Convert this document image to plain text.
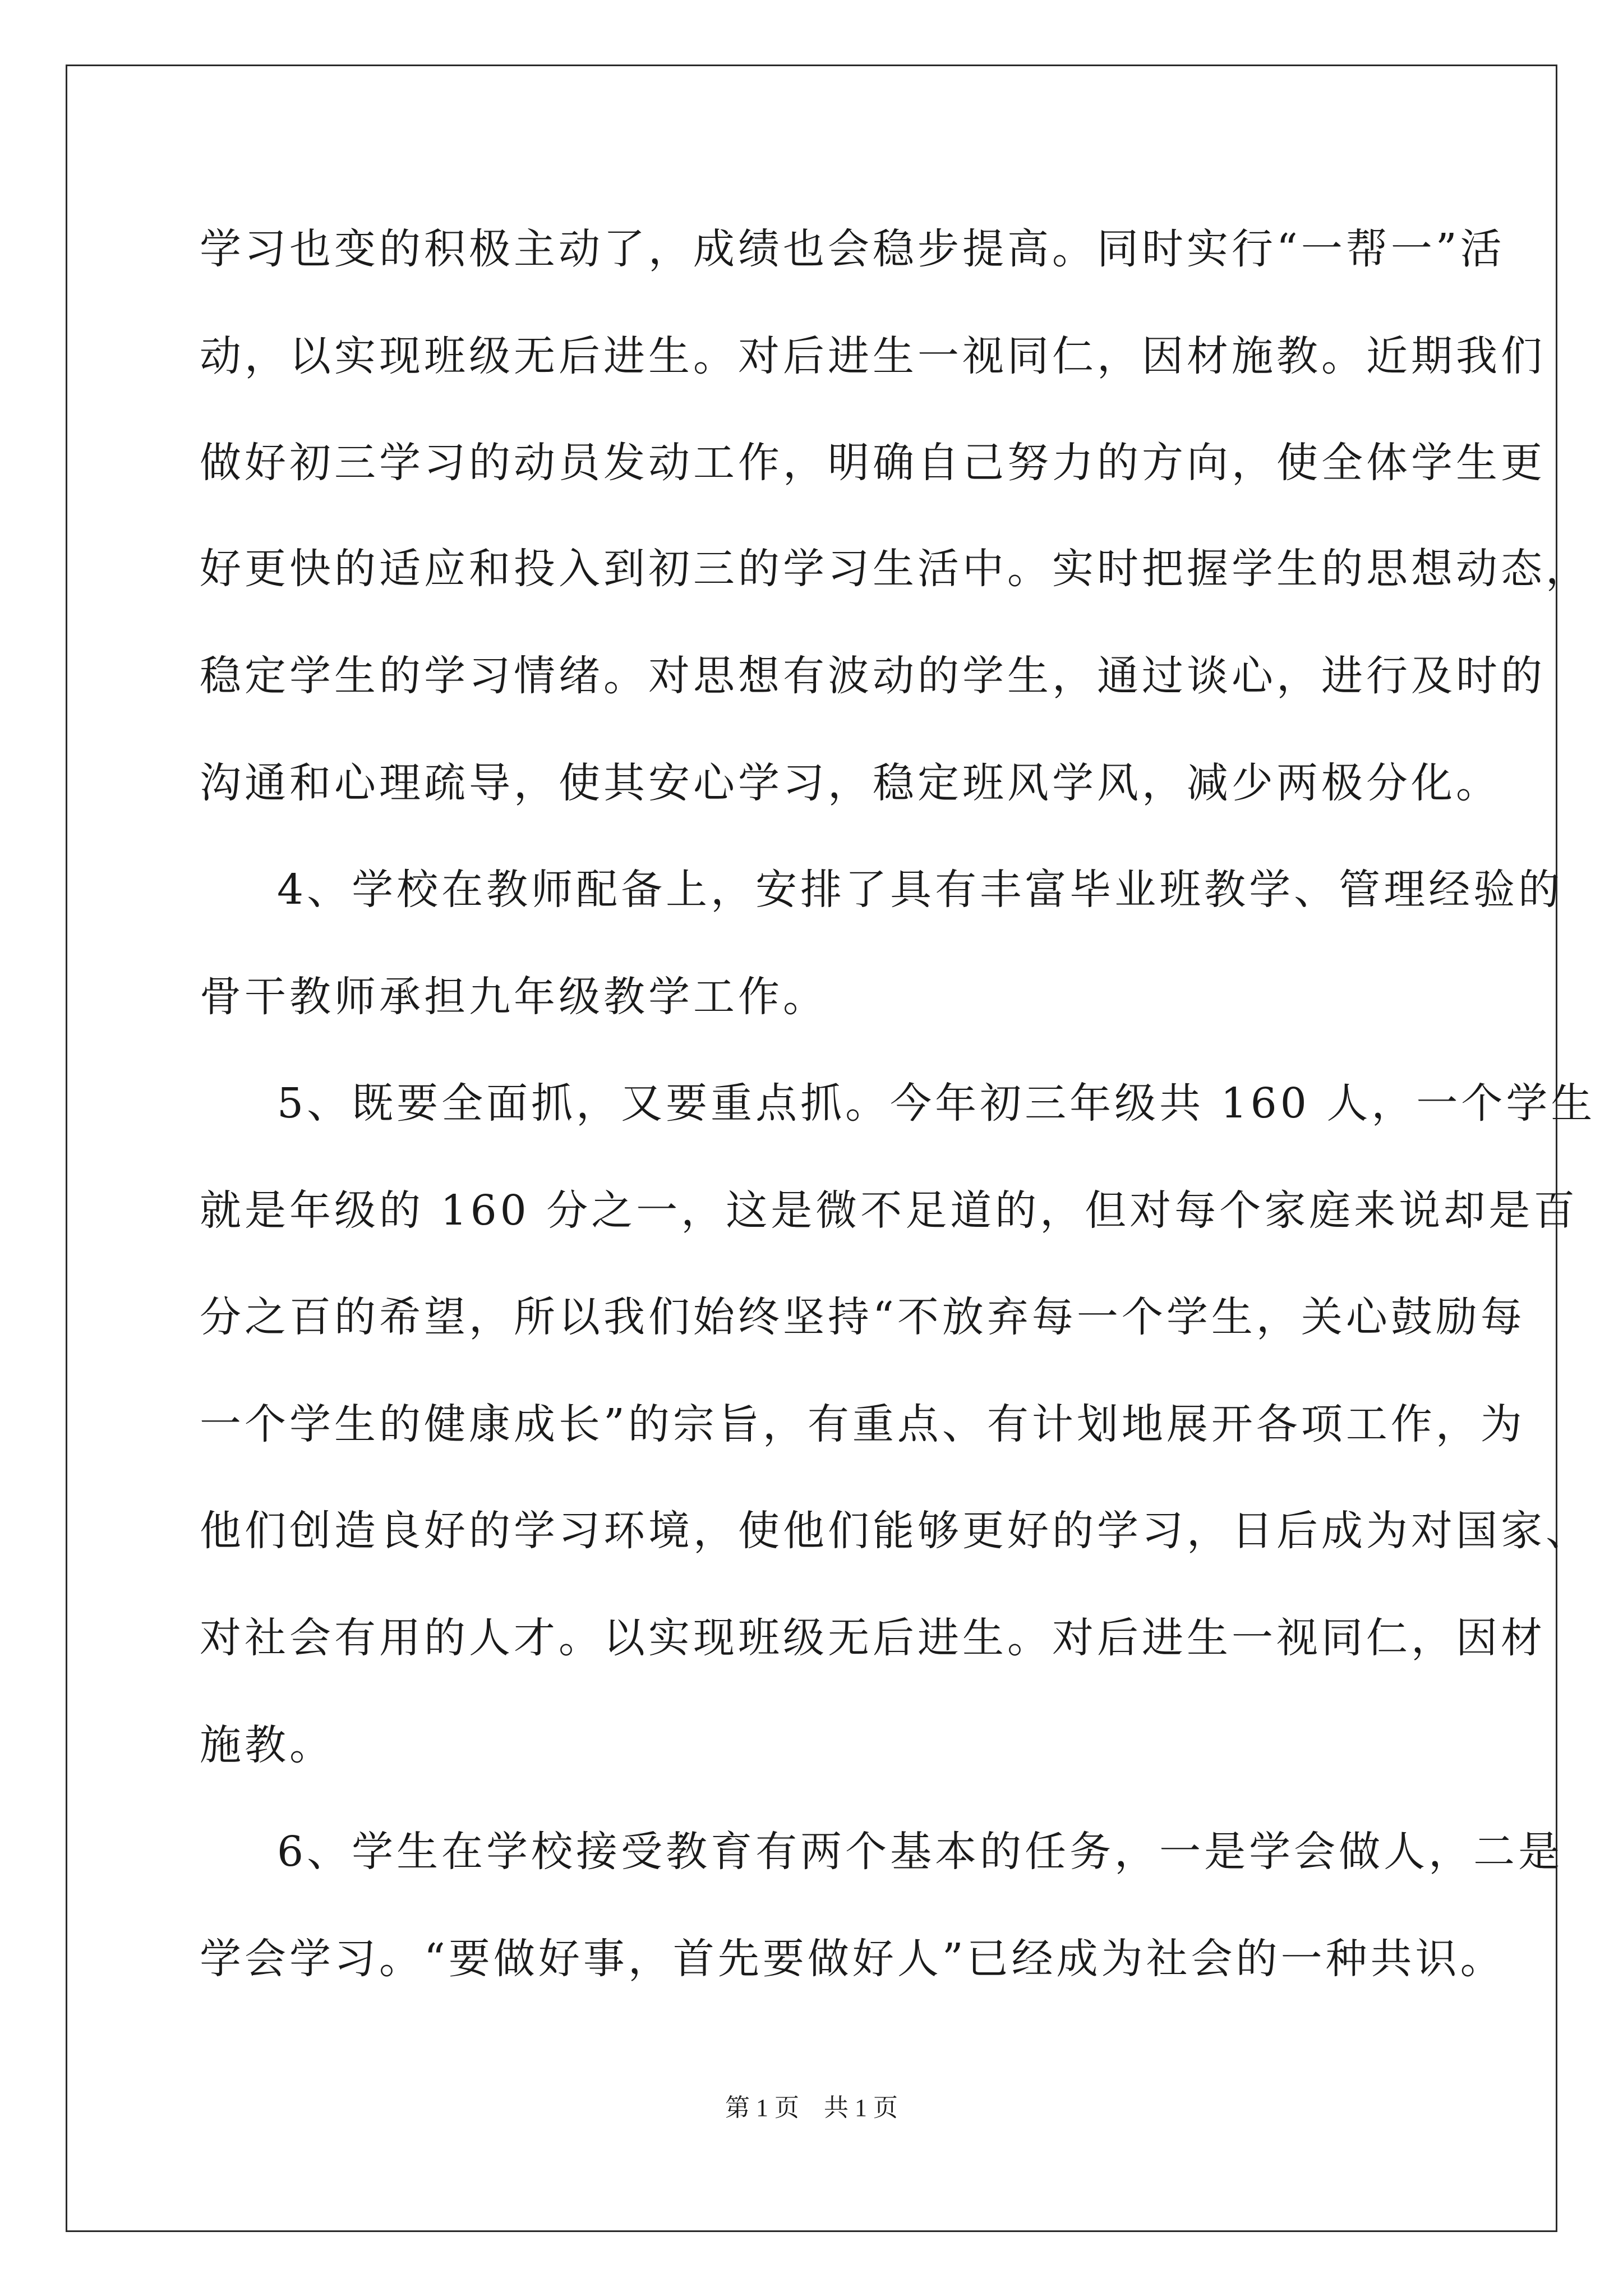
学习也变的积极主动了，成绩也会稳步提高。同时实行“一帮一”活
动，以实现班级无后进生。对后进生一视同仁，因材施教。近期我们
做好初三学习的动员发动工作，明确自己努力的方向，使全体学生更
好更快的适应和投入到初三的学习生活中。实时把握学生的思想动态，
稳定学生的学习情绪。对思想有波动的学生，通过谈心，进行及时的
沟通和心理疏导，使其安心学习，稳定班风学风，减少两极分化。
4、学校在教师配备上，安排了具有丰富毕业班教学、管理经验的
骨干教师承担九年级教学工作。
5、既要全面抓，又要重点抓。今年初三年级共 160 人，一个学生
就是年级的 160 分之一，这是微不足道的，但对每个家庭来说却是百
分之百的希望，所以我们始终坚持“不放弃每一个学生，关心鼓励每
一个学生的健康成长”的宗旨，有重点、有计划地展开各项工作，为
他们创造良好的学习环境，使他们能够更好的学习，日后成为对国家、
对社会有用的人才。以实现班级无后进生。对后进生一视同仁，因材
施教。
6、学生在学校接受教育有两个基本的任务，一是学会做人，二是
学会学习。“要做好事，首先要做好人”已经成为社会的一种共识。
第 1 页 共 1 页
